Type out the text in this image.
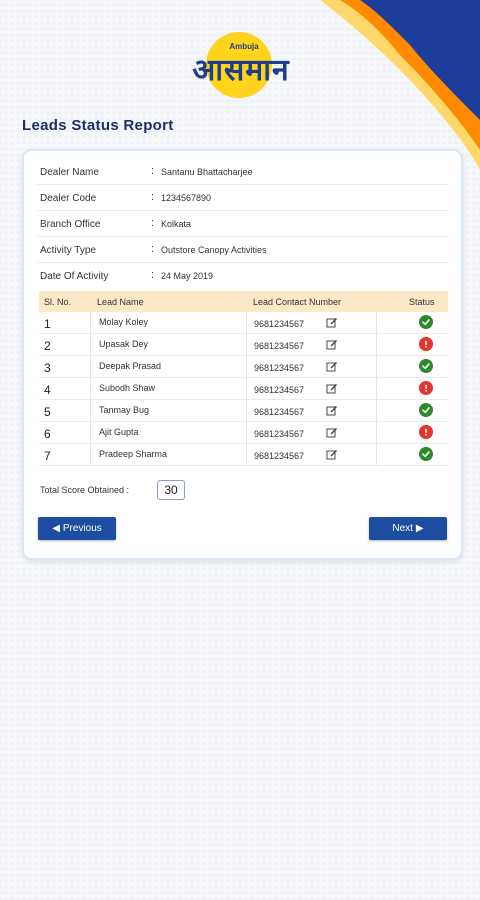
Ambuja
आसमान
Leads Status Report
Dealer Name	: Santanu Bhattacharjee
Dealer Code	: 1234567890
Branch Office	: Kolkata
Activity Type	: Outstore Canopy Activities
Date Of Activity	: 24 May 2019
Sl. No.	Lead Name	Lead Contact Number	Status
1	Molay Koley	9681234567
2	Upasak Dey	9681234567
3	Deepak Prasad	9681234567
4	Subodh Shaw	9681234567
5	Tanmay Bug	9681234567
6	Ajit Gupta	9681234567
7	Pradeep Sharma	9681234567
Total Score Obtained :	30
◀ Previous	Next ▶
